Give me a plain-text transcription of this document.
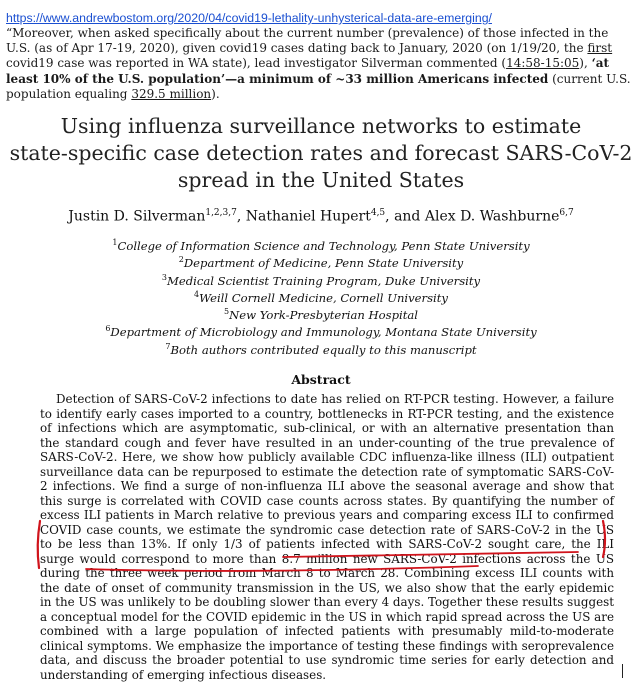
https://www.andrewbostom.org/2020/04/covid19-lethality-unhysterical-data-are-emerging/
“Moreover, when asked specifically about the current number (prevalence) of those infected in the U.S. (as of Apr 17-19, 2020), given covid19 cases dating back to January, 2020 (on 1/19/20, the first covid19 case was reported in WA state), lead investigator Silverman commented (14:58-15:05), ‘at least 10% of the U.S. population’—a minimum of ~33 million Americans infected (current U.S. population equaling 329.5 million).
Using influenza surveillance networks to estimate
state-specific case detection rates and forecast SARS-CoV-2
spread in the United States
Justin D. Silverman$^{1,2,3,7}$, Nathaniel Hupert$^{4,5}$, and Alex D. Washburne$^{6,7}$
$^1$College of Information Science and Technology, Penn State University
$^2$Department of Medicine, Penn State University
$^3$Medical Scientist Training Program, Duke University
$^4$Weill Cornell Medicine, Cornell University
$^5$New York-Presbyterian Hospital
$^6$Department of Microbiology and Immunology, Montana State University
$^7$Both authors contributed equally to this manuscript
Abstract
Detection of SARS-CoV-2 infections to date has relied on RT-PCR testing. However, a failure to identify early cases imported to a country, bottlenecks in RT-PCR testing, and the existence of infections which are asymptomatic, sub-clinical, or with an alternative presentation than the standard cough and fever have resulted in an under-counting of the true prevalence of SARS-CoV-2. Here, we show how publicly available CDC influenza-like illness (ILI) outpatient surveillance data can be repurposed to estimate the detection rate of symptomatic SARS-CoV-2 infections. We find a surge of non-influenza ILI above the seasonal average and show that this surge is correlated with COVID case counts across states. By quantifying the number of excess ILI patients in March relative to previous years and comparing excess ILI to confirmed COVID case counts, we estimate the syndromic case detection rate of SARS-CoV-2 in the US to be less than 13%. If only 1/3 of patients infected with SARS-CoV-2 sought care, the ILI surge would correspond to more than 8.7 million new SARS-CoV-2 infections across the US during the three week period from March 8 to March 28. Combining excess ILI counts with the date of onset of community transmission in the US, we also show that the early epidemic in the US was unlikely to be doubling slower than every 4 days. Together these results suggest a conceptual model for the COVID epidemic in the US in which rapid spread across the US are combined with a large population of infected patients with presumably mild-to-moderate clinical symptoms. We emphasize the importance of testing these findings with seroprevalence data, and discuss the broader potential to use syndromic time series for early detection and understanding of emerging infectious diseases.
